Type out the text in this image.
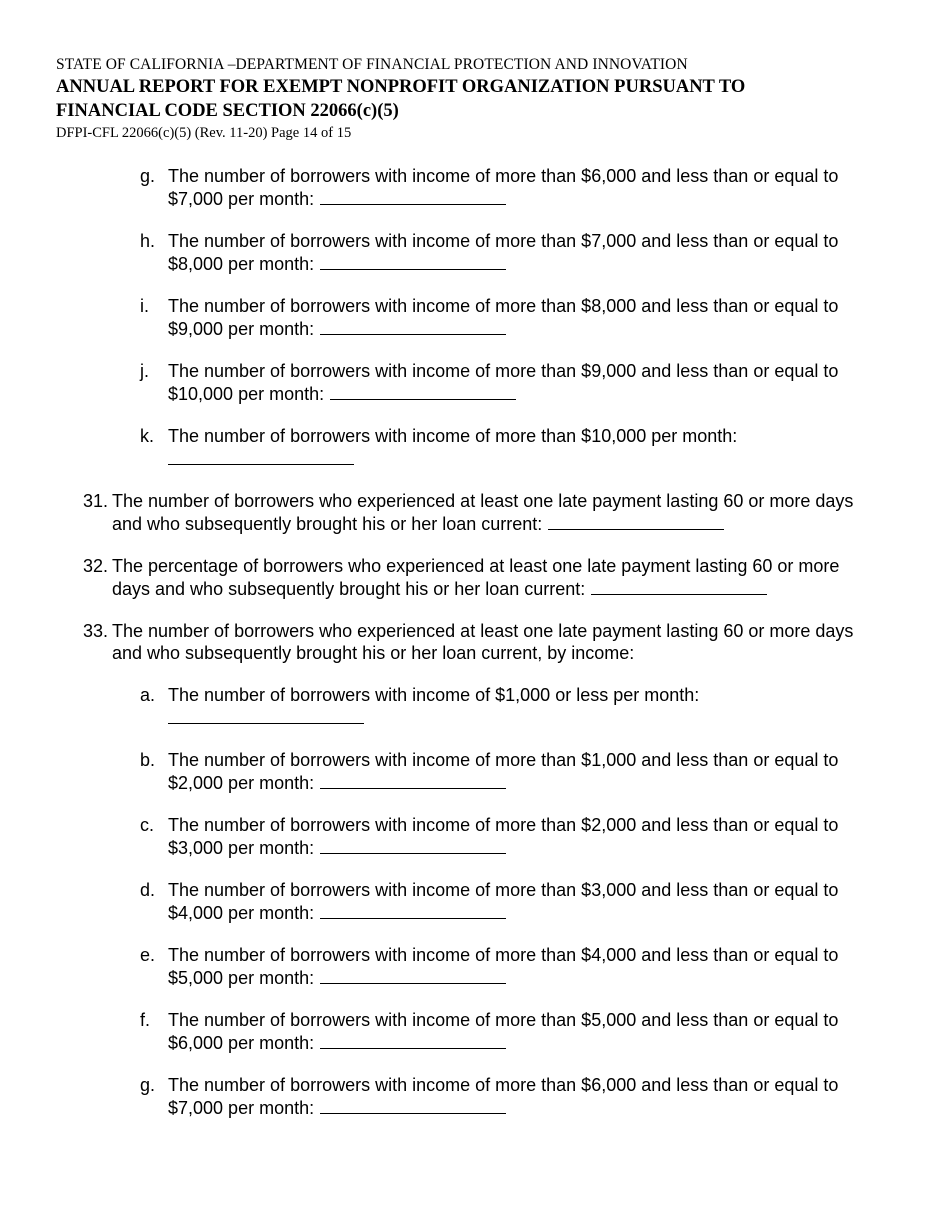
STATE OF CALIFORNIA –DEPARTMENT OF FINANCIAL PROTECTION AND INNOVATION
ANNUAL REPORT FOR EXEMPT NONPROFIT ORGANIZATION PURSUANT TO
FINANCIAL CODE SECTION 22066(c)(5)
DFPI-CFL 22066(c)(5) (Rev. 11-20) Page 14 of 15
g. The number of borrowers with income of more than $6,000 and less than or equal to
$7,000 per month:
h. The number of borrowers with income of more than $7,000 and less than or equal to
$8,000 per month:
i. The number of borrowers with income of more than $8,000 and less than or equal to
$9,000 per month:
j. The number of borrowers with income of more than $9,000 and less than or equal to
$10,000 per month:
k. The number of borrowers with income of more than $10,000 per month:
31. The number of borrowers who experienced at least one late payment lasting 60 or more days
and who subsequently brought his or her loan current:
32. The percentage of borrowers who experienced at least one late payment lasting 60 or more
days and who subsequently brought his or her loan current:
33. The number of borrowers who experienced at least one late payment lasting 60 or more days
and who subsequently brought his or her loan current, by income:
a. The number of borrowers with income of $1,000 or less per month:
b. The number of borrowers with income of more than $1,000 and less than or equal to
$2,000 per month:
c. The number of borrowers with income of more than $2,000 and less than or equal to
$3,000 per month:
d. The number of borrowers with income of more than $3,000 and less than or equal to
$4,000 per month:
e. The number of borrowers with income of more than $4,000 and less than or equal to
$5,000 per month:
f. The number of borrowers with income of more than $5,000 and less than or equal to
$6,000 per month:
g. The number of borrowers with income of more than $6,000 and less than or equal to
$7,000 per month:
